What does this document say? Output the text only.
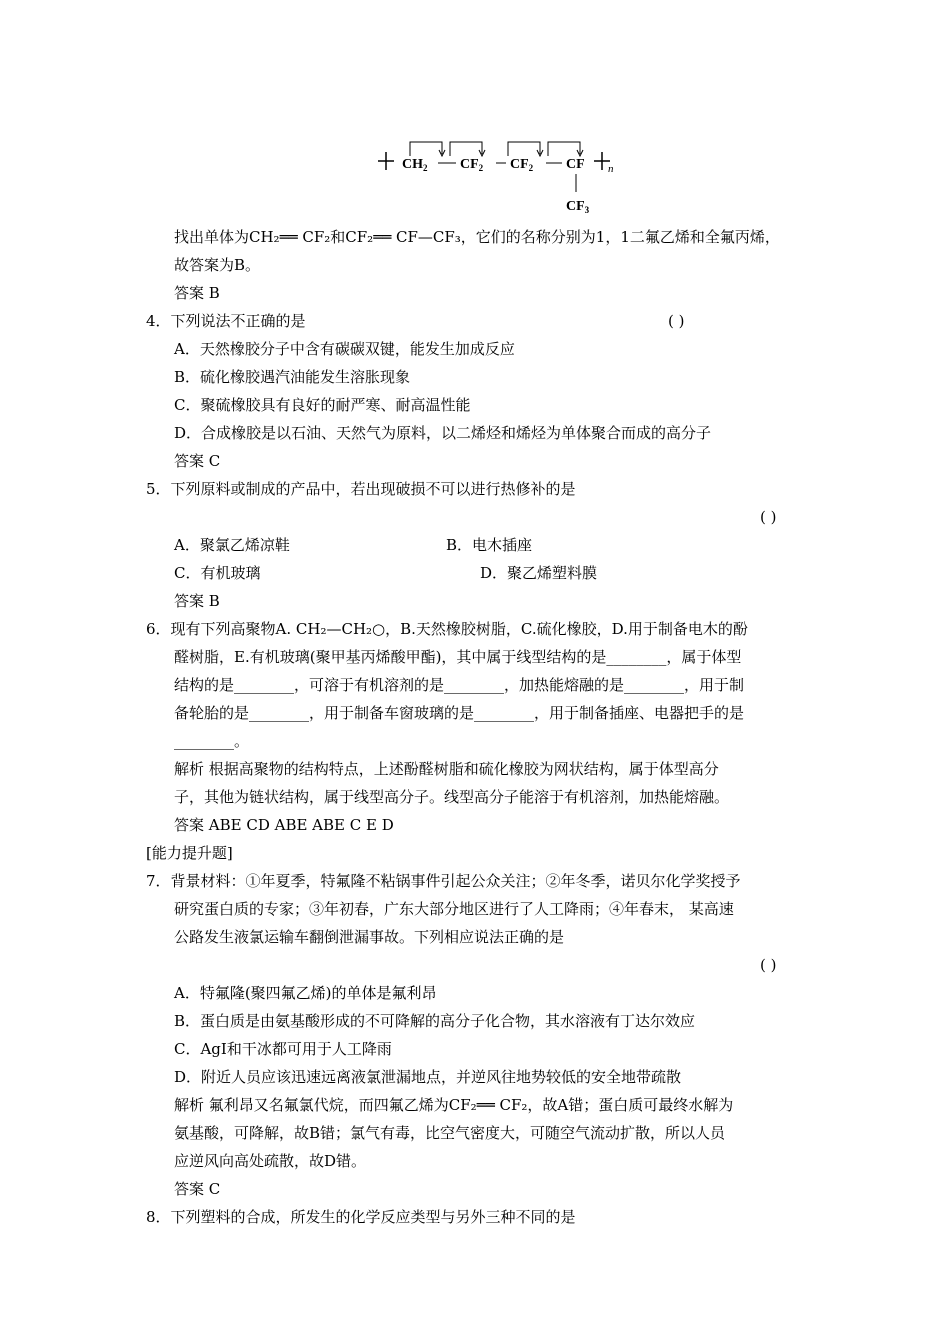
$CH_2$ $CF_2$ $CF_2$ CF n
$CF_3$
找出单体为CH₂══ CF₂和CF₂══ CF—CF₃，它们的名称分别为1，1二氟乙烯和全氟丙烯，
故答案为B。
答案 B
4．下列说法不正确的是	( )
A．天然橡胶分子中含有碳碳双键，能发生加成反应
B．硫化橡胶遇汽油能发生溶胀现象
C．聚硫橡胶具有良好的耐严寒、耐高温性能
D．合成橡胶是以石油、天然气为原料，以二烯烃和烯烃为单体聚合而成的高分子
答案 C
5．下列原料或制成的产品中，若出现破损不可以进行热修补的是
( )
A．聚氯乙烯凉鞋	B．电木插座
C．有机玻璃	D．聚乙烯塑料膜
答案 B
6．现有下列高聚物A. CH₂—CH₂○，B.天然橡胶树脂，C.硫化橡胶，D.用于制备电木的酚
醛树脂，E.有机玻璃(聚甲基丙烯酸甲酯)，其中属于线型结构的是________，属于体型
结构的是________，可溶于有机溶剂的是________，加热能熔融的是________，用于制
备轮胎的是________，用于制备车窗玻璃的是________，用于制备插座、电器把手的是
________。
解析 根据高聚物的结构特点，上述酚醛树脂和硫化橡胶为网状结构，属于体型高分
子，其他为链状结构，属于线型高分子。线型高分子能溶于有机溶剂，加热能熔融。
答案 ABE CD ABE ABE C E D
[能力提升题]
7．背景材料：①年夏季，特氟隆不粘锅事件引起公众关注；②年冬季，诺贝尔化学奖授予
研究蛋白质的专家；③年初春，广东大部分地区进行了人工降雨；④年春末， 某高速
公路发生液氯运输车翻倒泄漏事故。下列相应说法正确的是
( )
A．特氟隆(聚四氟乙烯)的单体是氟利昂
B．蛋白质是由氨基酸形成的不可降解的高分子化合物，其水溶液有丁达尔效应
C．AgI和干冰都可用于人工降雨
D．附近人员应该迅速远离液氯泄漏地点，并逆风往地势较低的安全地带疏散
解析 氟利昂又名氟氯代烷，而四氟乙烯为CF₂══ CF₂，故A错；蛋白质可最终水解为
氨基酸，可降解，故B错；氯气有毒，比空气密度大，可随空气流动扩散，所以人员
应逆风向高处疏散，故D错。
答案 C
8．下列塑料的合成，所发生的化学反应类型与另外三种不同的是
